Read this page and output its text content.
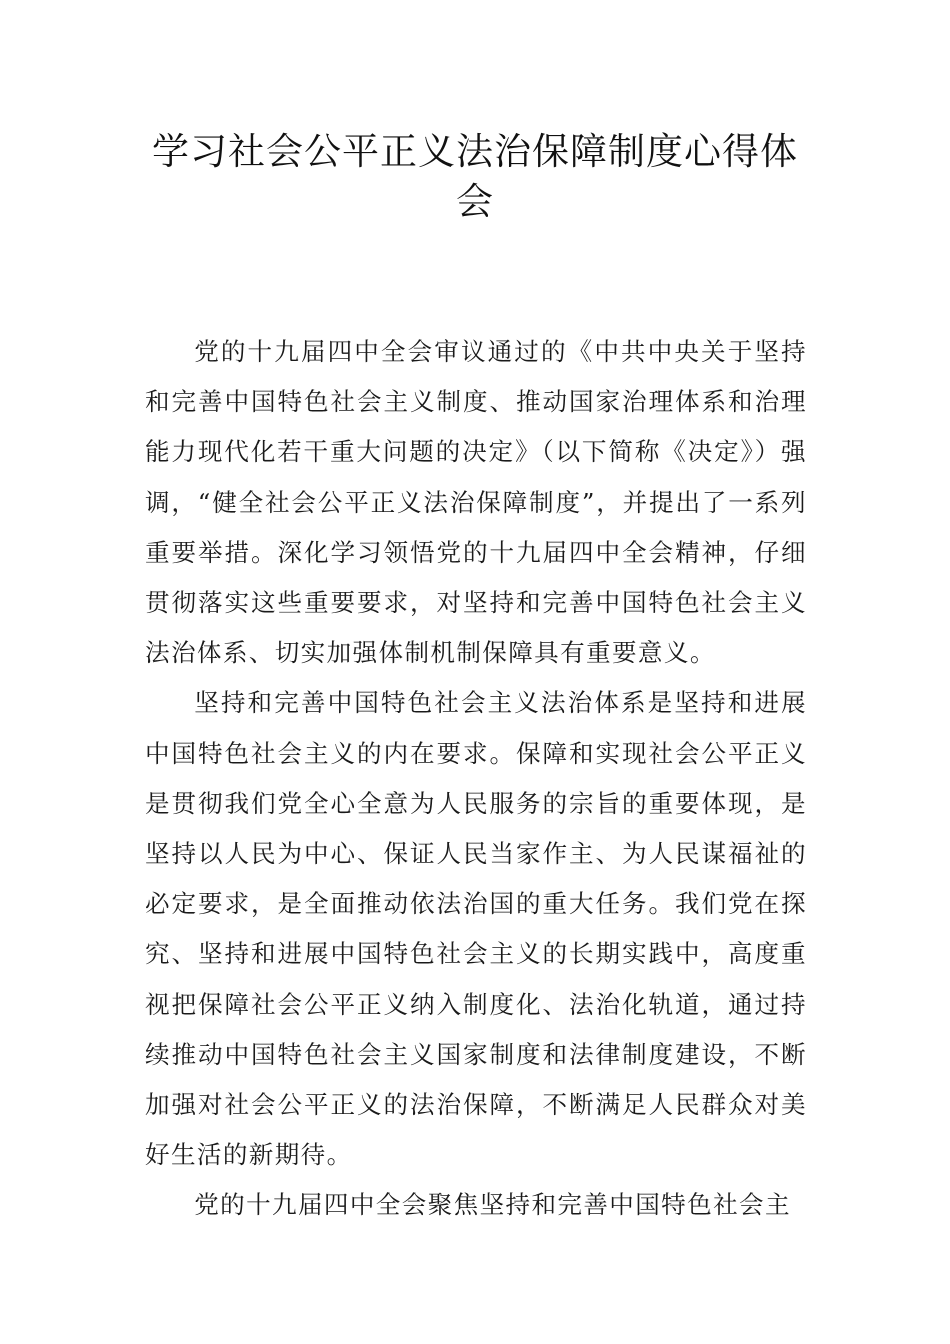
学习社会公平正义法治保障制度心得体会

党的十九届四中全会审议通过的《中共中央关于坚持和完善中国特色社会主义制度、推动国家治理体系和治理能力现代化若干重大问题的决定》（以下简称《决定》）强调，“健全社会公平正义法治保障制度”，并提出了一系列重要举措。深化学习领悟党的十九届四中全会精神，仔细贯彻落实这些重要要求，对坚持和完善中国特色社会主义法治体系、切实加强体制机制保障具有重要意义。

坚持和完善中国特色社会主义法治体系是坚持和进展中国特色社会主义的内在要求。保障和实现社会公平正义是贯彻我们党全心全意为人民服务的宗旨的重要体现，是坚持以人民为中心、保证人民当家作主、为人民谋福祉的必定要求，是全面推动依法治国的重大任务。我们党在探究、坚持和进展中国特色社会主义的长期实践中，高度重视把保障社会公平正义纳入制度化、法治化轨道，通过持续推动中国特色社会主义国家制度和法律制度建设，不断加强对社会公平正义的法治保障，不断满足人民群众对美好生活的新期待。

党的十九届四中全会聚焦坚持和完善中国特色社会主
